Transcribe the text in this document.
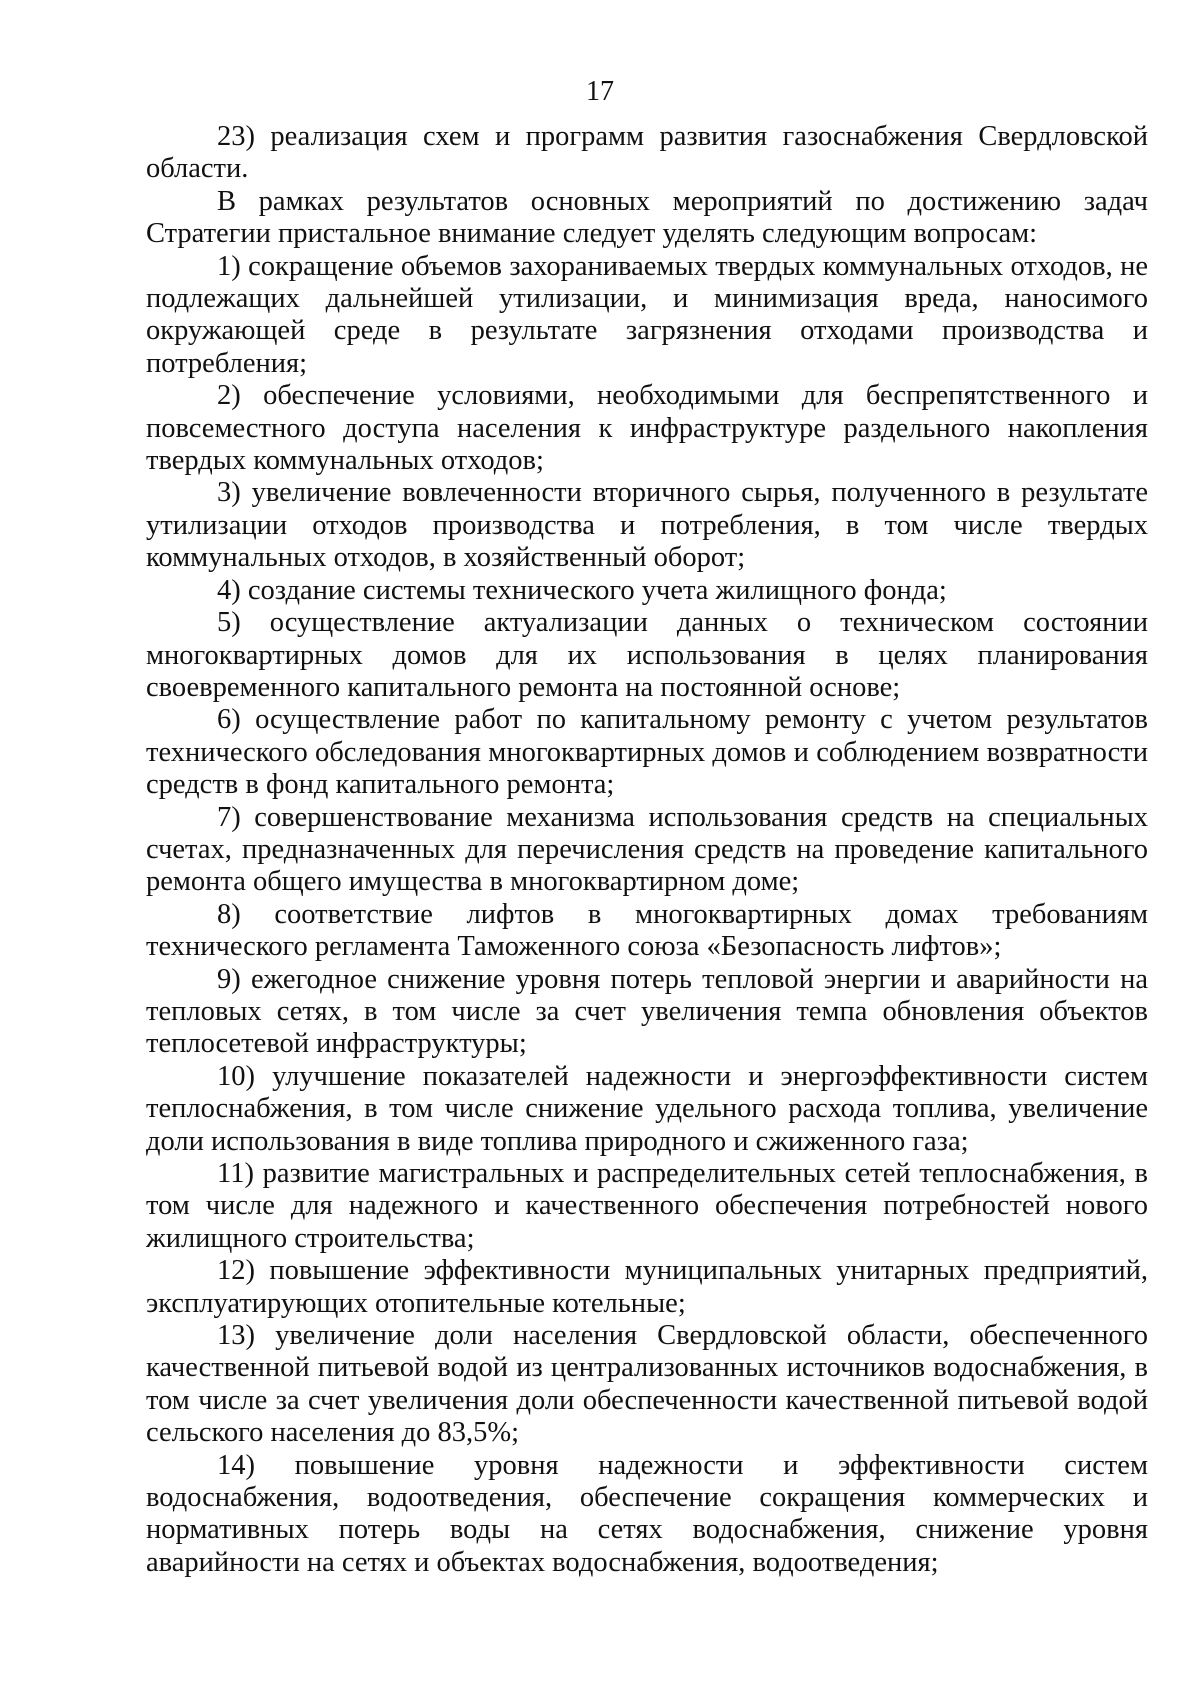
17

23) реализация схем и программ развития газоснабжения Свердловской области.

В рамках результатов основных мероприятий по достижению задач Стратегии пристальное внимание следует уделять следующим вопросам:

1) сокращение объемов захораниваемых твердых коммунальных отходов, не подлежащих дальнейшей утилизации, и минимизация вреда, наносимого окружающей среде в результате загрязнения отходами производства и потребления;

2) обеспечение условиями, необходимыми для беспрепятственного и повсеместного доступа населения к инфраструктуре раздельного накопления твердых коммунальных отходов;

3) увеличение вовлеченности вторичного сырья, полученного в результате утилизации отходов производства и потребления, в том числе твердых коммунальных отходов, в хозяйственный оборот;

4) создание системы технического учета жилищного фонда;

5) осуществление актуализации данных о техническом состоянии многоквартирных домов для их использования в целях планирования своевременного капитального ремонта на постоянной основе;

6) осуществление работ по капитальному ремонту с учетом результатов технического обследования многоквартирных домов и соблюдением возвратности средств в фонд капитального ремонта;

7) совершенствование механизма использования средств на специальных счетах, предназначенных для перечисления средств на проведение капитального ремонта общего имущества в многоквартирном доме;

8) соответствие лифтов в многоквартирных домах требованиям технического регламента Таможенного союза «Безопасность лифтов»;

9) ежегодное снижение уровня потерь тепловой энергии и аварийности на тепловых сетях, в том числе за счет увеличения темпа обновления объектов теплосетевой инфраструктуры;

10) улучшение показателей надежности и энергоэффективности систем теплоснабжения, в том числе снижение удельного расхода топлива, увеличение доли использования в виде топлива природного и сжиженного газа;

11) развитие магистральных и распределительных сетей теплоснабжения, в том числе для надежного и качественного обеспечения потребностей нового жилищного строительства;

12) повышение эффективности муниципальных унитарных предприятий, эксплуатирующих отопительные котельные;

13) увеличение доли населения Свердловской области, обеспеченного качественной питьевой водой из централизованных источников водоснабжения, в том числе за счет увеличения доли обеспеченности качественной питьевой водой сельского населения до 83,5%;

14) повышение уровня надежности и эффективности систем водоснабжения, водоотведения, обеспечение сокращения коммерческих и нормативных потерь воды на сетях водоснабжения, снижение уровня аварийности на сетях и объектах водоснабжения, водоотведения;
